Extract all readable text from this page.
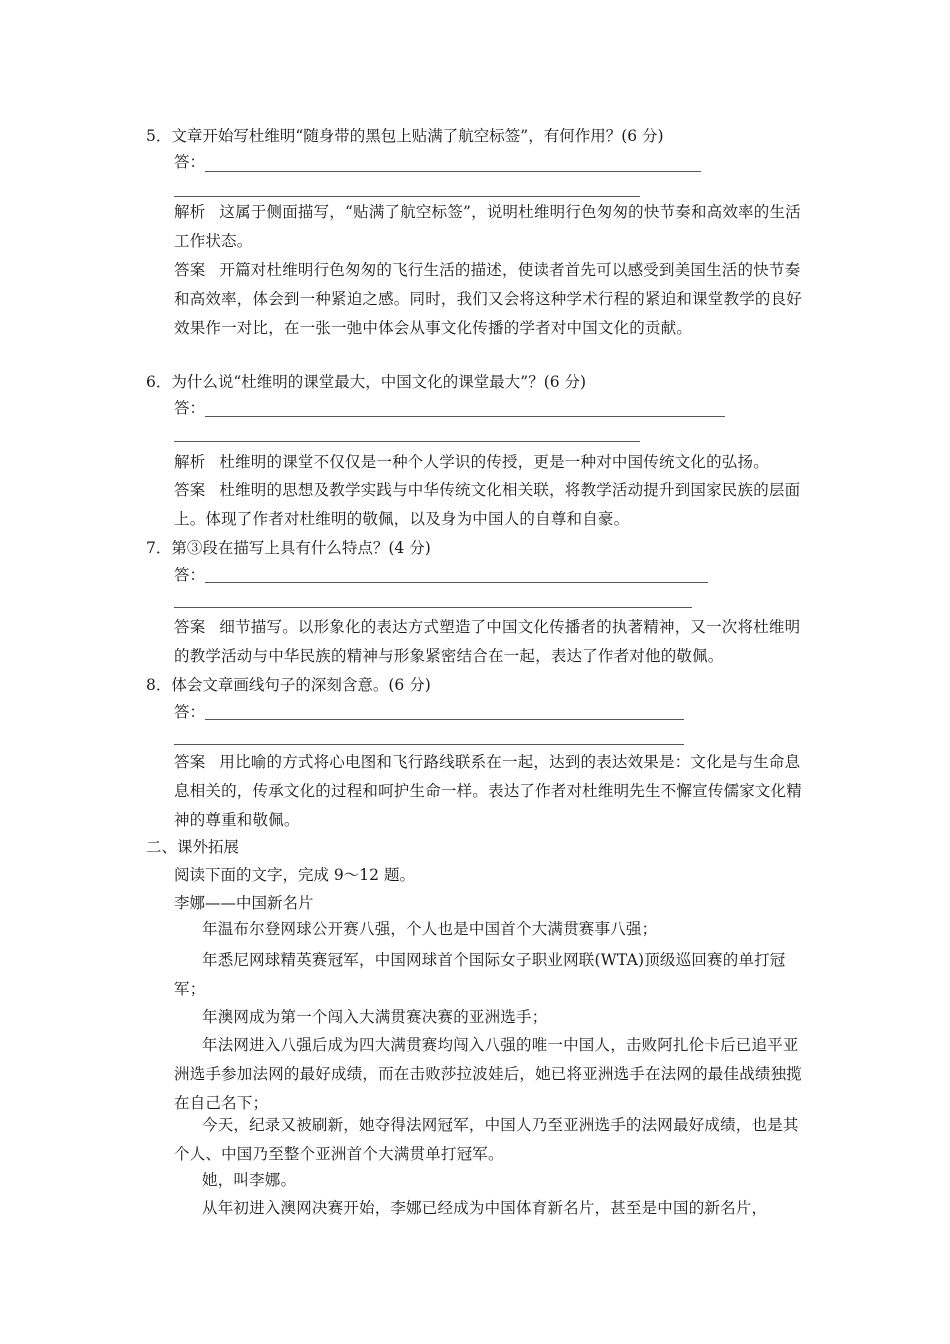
5．文章开始写杜维明“随身带的黑包上贴满了航空标签”，有何作用？(6 分)
答：
解析 这属于侧面描写，“贴满了航空标签”，说明杜维明行色匆匆的快节奏和高效率的生活工作状态。
答案 开篇对杜维明行色匆匆的飞行生活的描述，使读者首先可以感受到美国生活的快节奏和高效率，体会到一种紧迫之感。同时，我们又会将这种学术行程的紧迫和课堂教学的良好效果作一对比，在一张一弛中体会从事文化传播的学者对中国文化的贡献。
6．为什么说“杜维明的课堂最大，中国文化的课堂最大”？(6 分)
答：
解析 杜维明的课堂不仅仅是一种个人学识的传授，更是一种对中国传统文化的弘扬。
答案 杜维明的思想及教学实践与中华传统文化相关联，将教学活动提升到国家民族的层面上。体现了作者对杜维明的敬佩，以及身为中国人的自尊和自豪。
7．第③段在描写上具有什么特点？(4 分)
答：
答案 细节描写。以形象化的表达方式塑造了中国文化传播者的执著精神，又一次将杜维明的教学活动与中华民族的精神与形象紧密结合在一起，表达了作者对他的敬佩。
8．体会文章画线句子的深刻含意。(6 分)
答：
答案 用比喻的方式将心电图和飞行路线联系在一起，达到的表达效果是：文化是与生命息息相关的，传承文化的过程和呵护生命一样。表达了作者对杜维明先生不懈宣传儒家文化精神的尊重和敬佩。
二、课外拓展
阅读下面的文字，完成 9～12 题。
李娜——中国新名片
年温布尔登网球公开赛八强，个人也是中国首个大满贯赛事八强；
年悉尼网球精英赛冠军，中国网球首个国际女子职业网联(WTA)顶级巡回赛的单打冠军；
年澳网成为第一个闯入大满贯赛决赛的亚洲选手；
年法网进入八强后成为四大满贯赛均闯入八强的唯一中国人，击败阿扎伦卡后已追平亚洲选手参加法网的最好成绩，而在击败莎拉波娃后，她已将亚洲选手在法网的最佳战绩独揽在自己名下；
今天，纪录又被刷新，她夺得法网冠军，中国人乃至亚洲选手的法网最好成绩，也是其个人、中国乃至整个亚洲首个大满贯单打冠军。
她，叫李娜。
从年初进入澳网决赛开始，李娜已经成为中国体育新名片，甚至是中国的新名片，
